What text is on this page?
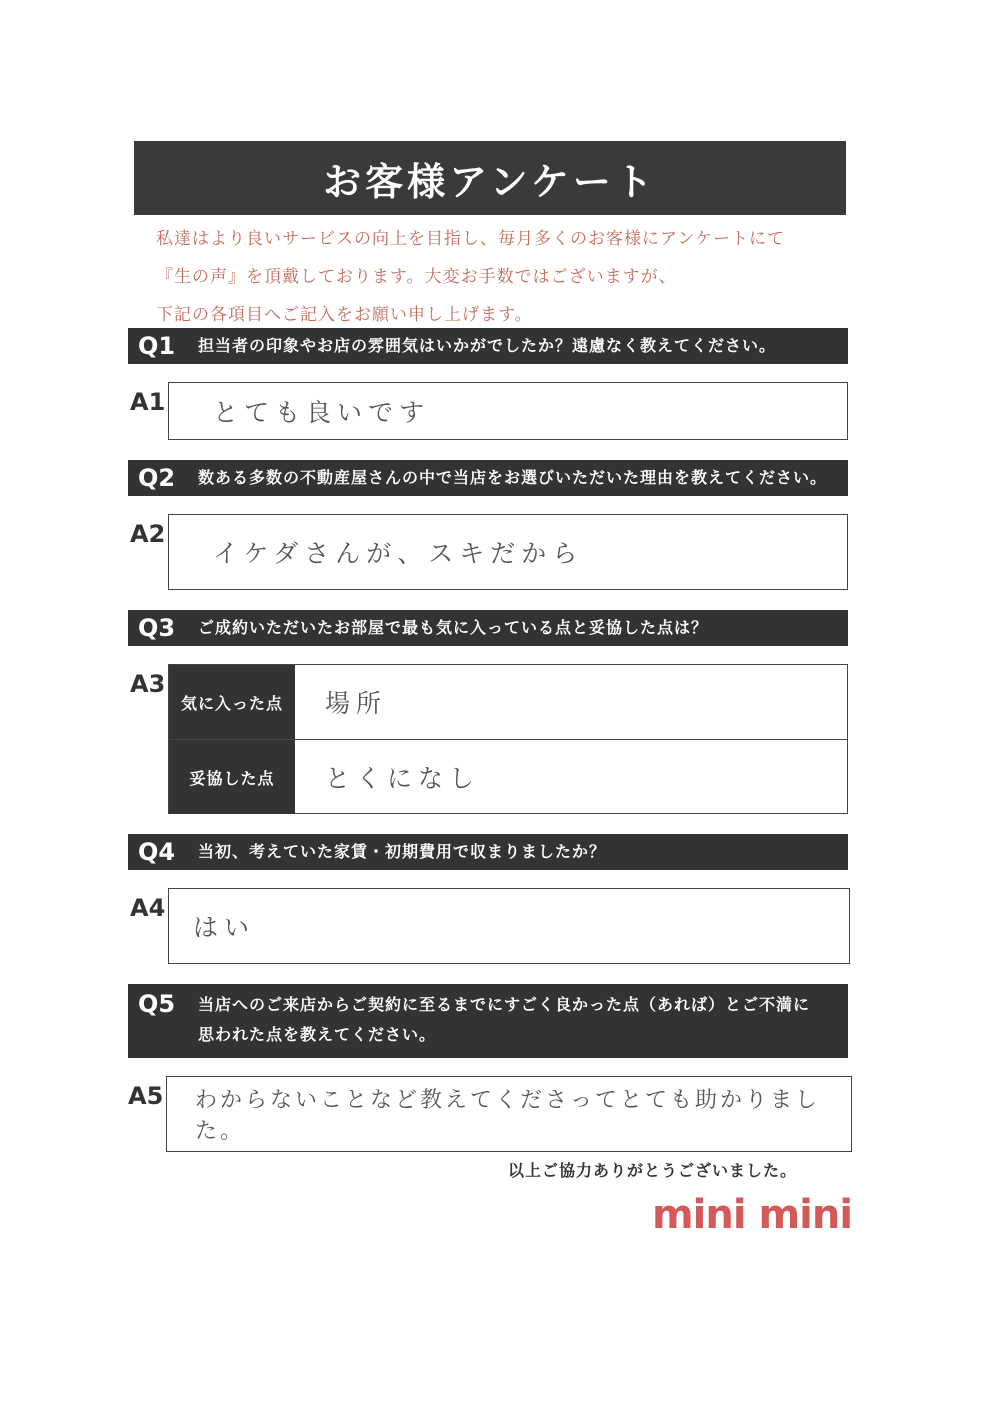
お客様アンケート
私達はより良いサービスの向上を目指し、毎月多くのお客様にアンケートにて
『生の声』を頂戴しております。大変お手数ではございますが、
下記の各項目へご記入をお願い申し上げます。
Q1	担当者の印象やお店の雰囲気はいかがでしたか？遠慮なく教えてください。
A1	とても良いです
Q2	数ある多数の不動産屋さんの中で当店をお選びいただいた理由を教えてください。
A2
イケダさんが、スキだから
Q3	ご成約いただいたお部屋で最も気に入っている点と妥協した点は？
A3
気に入った点	場所
妥協した点	とくになし
Q4	当初、考えていた家賃・初期費用で収まりましたか？
A4
はい
Q5	当店へのご来店からご契約に至るまでにすごく良かった点（あれば）とご不満に
思われた点を教えてください。
A5	わからないことなど教えてくださってとても助かりました。
以上ご協力ありがとうございました。
mini mini
